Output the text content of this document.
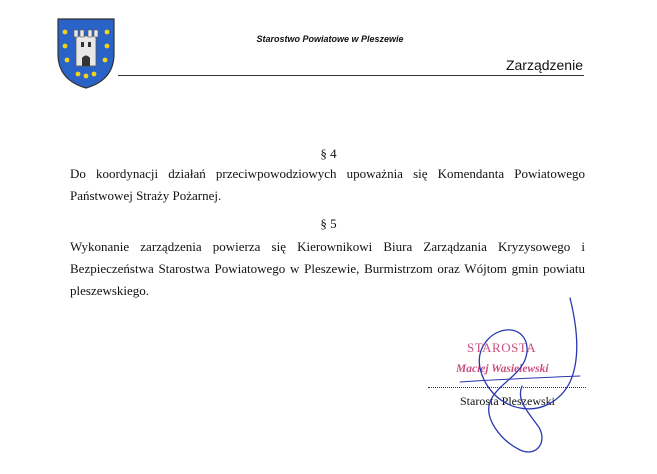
Starostwo Powiatowe w Pleszewie
Zarządzenie
§ 4
Do koordynacji działań przeciwpowodziowych upoważnia się Komendanta Powiatowego Państwowej Straży Pożarnej.
§ 5
Wykonanie zarządzenia powierza się Kierownikowi Biura Zarządzania Kryzysowego i Bezpieczeństwa Starostwa Powiatowego w Pleszewie, Burmistrzom oraz Wójtom gmin powiatu pleszewskiego.
STAROSTA
Maciej Wasielewski
Starosta Pleszewski
